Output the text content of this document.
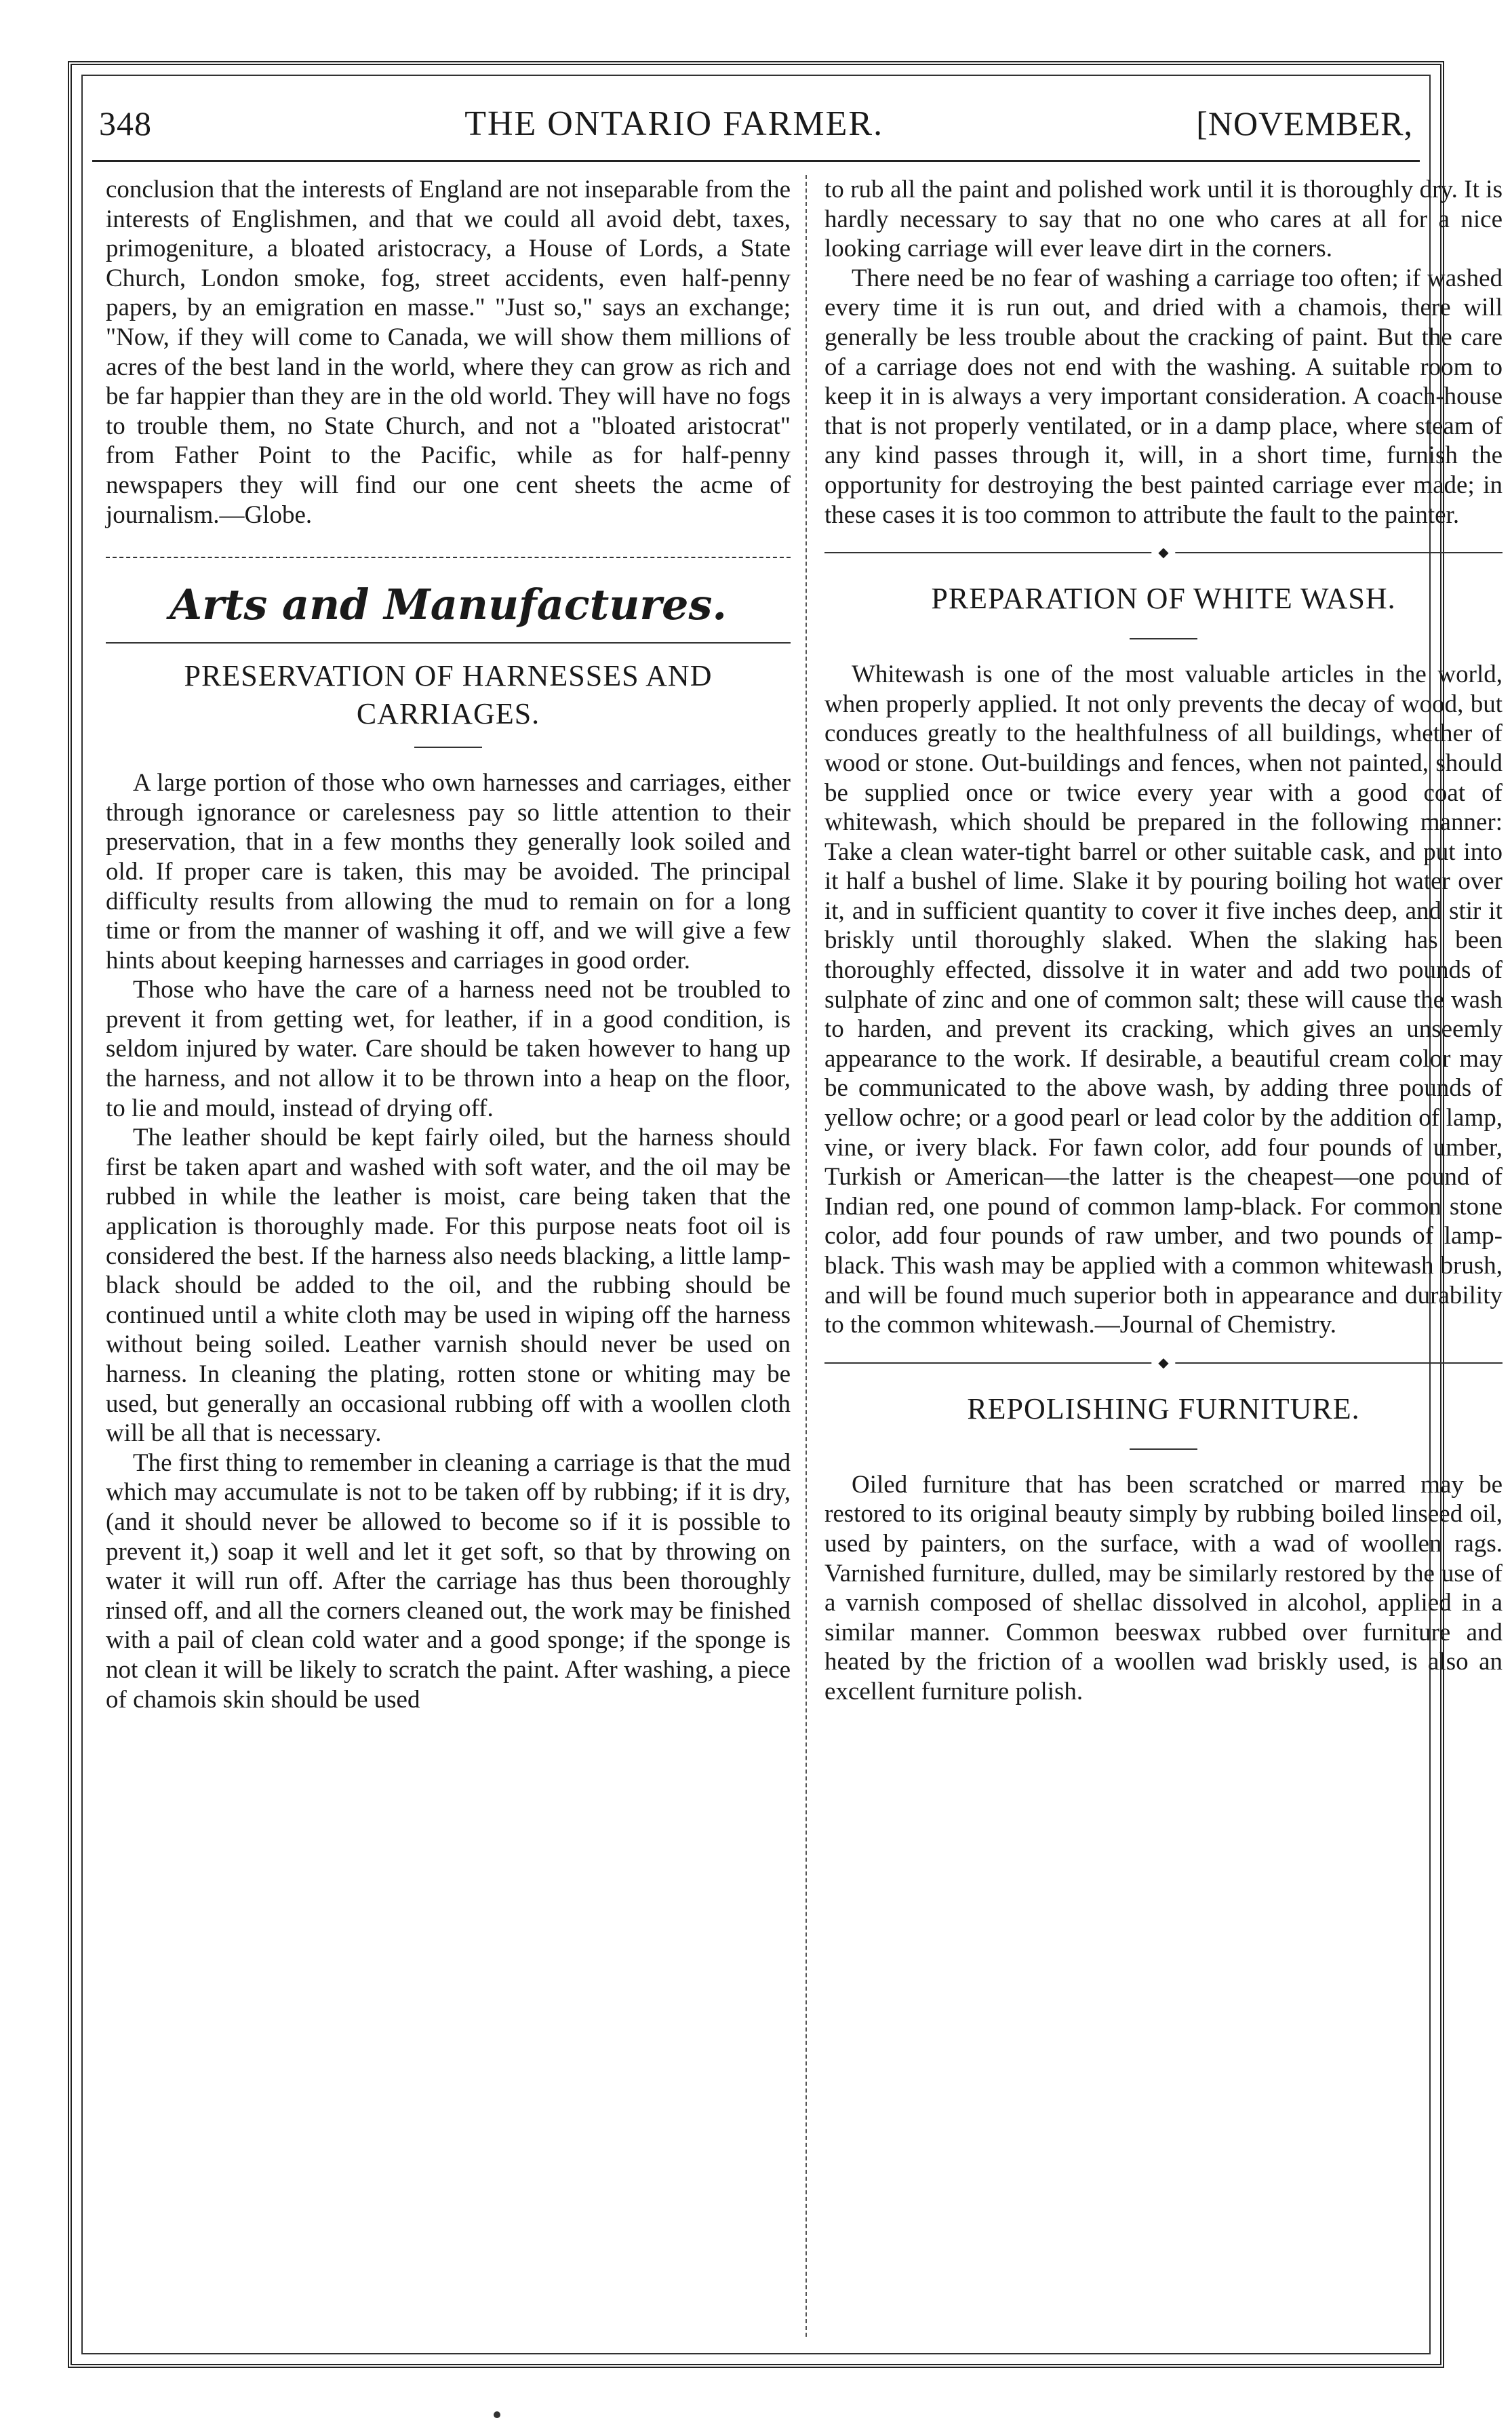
348	THE ONTARIO FARMER.	[NOVEMBER,

conclusion that the interests of England are not inseparable from the interests of Englishmen, and that we could all avoid debt, taxes, primogeniture, a bloated aristocracy, a House of Lords, a State Church, London smoke, fog, street accidents, even half-penny papers, by an emigration en masse." "Just so," says an exchange; "Now, if they will come to Canada, we will show them millions of acres of the best land in the world, where they can grow as rich and be far happier than they are in the old world. They will have no fogs to trouble them, no State Church, and not a "bloated aristocrat" from Father Point to the Pacific, while as for half-penny newspapers they will find our one cent sheets the acme of journalism.—Globe.

Arts and Manufactures.
PRESERVATION OF HARNESSES AND CARRIAGES.

A large portion of those who own harnesses and carriages, either through ignorance or carelesness pay so little attention to their preservation, that in a few months they generally look soiled and old. If proper care is taken, this may be avoided. The principal difficulty results from allowing the mud to remain on for a long time or from the manner of washing it off, and we will give a few hints about keeping harnesses and carriages in good order.

Those who have the care of a harness need not be troubled to prevent it from getting wet, for leather, if in a good condition, is seldom injured by water. Care should be taken however to hang up the harness, and not allow it to be thrown into a heap on the floor, to lie and mould, instead of drying off.

The leather should be kept fairly oiled, but the harness should first be taken apart and washed with soft water, and the oil may be rubbed in while the leather is moist, care being taken that the application is thoroughly made. For this purpose neats foot oil is considered the best. If the harness also needs blacking, a little lamp-black should be added to the oil, and the rubbing should be continued until a white cloth may be used in wiping off the harness without being soiled. Leather varnish should never be used on harness. In cleaning the plating, rotten stone or whiting may be used, but generally an occasional rubbing off with a woollen cloth will be all that is necessary.

The first thing to remember in cleaning a carriage is that the mud which may accumulate is not to be taken off by rubbing; if it is dry, (and it should never be allowed to become so if it is possible to prevent it,) soap it well and let it get soft, so that by throwing on water it will run off. After the carriage has thus been thoroughly rinsed off, and all the corners cleaned out, the work may be finished with a pail of clean cold water and a good sponge; if the sponge is not clean it will be likely to scratch the paint. After washing, a piece of chamois skin should be used

to rub all the paint and polished work until it is thoroughly dry. It is hardly necessary to say that no one who cares at all for a nice looking carriage will ever leave dirt in the corners.

There need be no fear of washing a carriage too often; if washed every time it is run out, and dried with a chamois, there will generally be less trouble about the cracking of paint. But the care of a carriage does not end with the washing. A suitable room to keep it in is always a very important consideration. A coach-house that is not properly ventilated, or in a damp place, where steam of any kind passes through it, will, in a short time, furnish the opportunity for destroying the best painted carriage ever made; in these cases it is too common to attribute the fault to the painter.

◆
PREPARATION OF WHITE WASH.

Whitewash is one of the most valuable articles in the world, when properly applied. It not only prevents the decay of wood, but conduces greatly to the healthfulness of all buildings, whether of wood or stone. Out-buildings and fences, when not painted, should be supplied once or twice every year with a good coat of whitewash, which should be prepared in the following manner: Take a clean water-tight barrel or other suitable cask, and put into it half a bushel of lime. Slake it by pouring boiling hot water over it, and in sufficient quantity to cover it five inches deep, and stir it briskly until thoroughly slaked. When the slaking has been thoroughly effected, dissolve it in water and add two pounds of sulphate of zinc and one of common salt; these will cause the wash to harden, and prevent its cracking, which gives an unseemly appearance to the work. If desirable, a beautiful cream color may be communicated to the above wash, by adding three pounds of yellow ochre; or a good pearl or lead color by the addition of lamp, vine, or ivery black. For fawn color, add four pounds of umber, Turkish or American—the latter is the cheapest—one pound of Indian red, one pound of common lamp-black. For common stone color, add four pounds of raw umber, and two pounds of lamp-black. This wash may be applied with a common whitewash brush, and will be found much superior both in appearance and durability to the common whitewash.—Journal of Chemistry.

◆
REPOLISHING FURNITURE.

Oiled furniture that has been scratched or marred may be restored to its original beauty simply by rubbing boiled linseed oil, used by painters, on the surface, with a wad of woollen rags. Varnished furniture, dulled, may be similarly restored by the use of a varnish composed of shellac dissolved in alcohol, applied in a similar manner. Common beeswax rubbed over furniture and heated by the friction of a woollen wad briskly used, is also an excellent furniture polish.
